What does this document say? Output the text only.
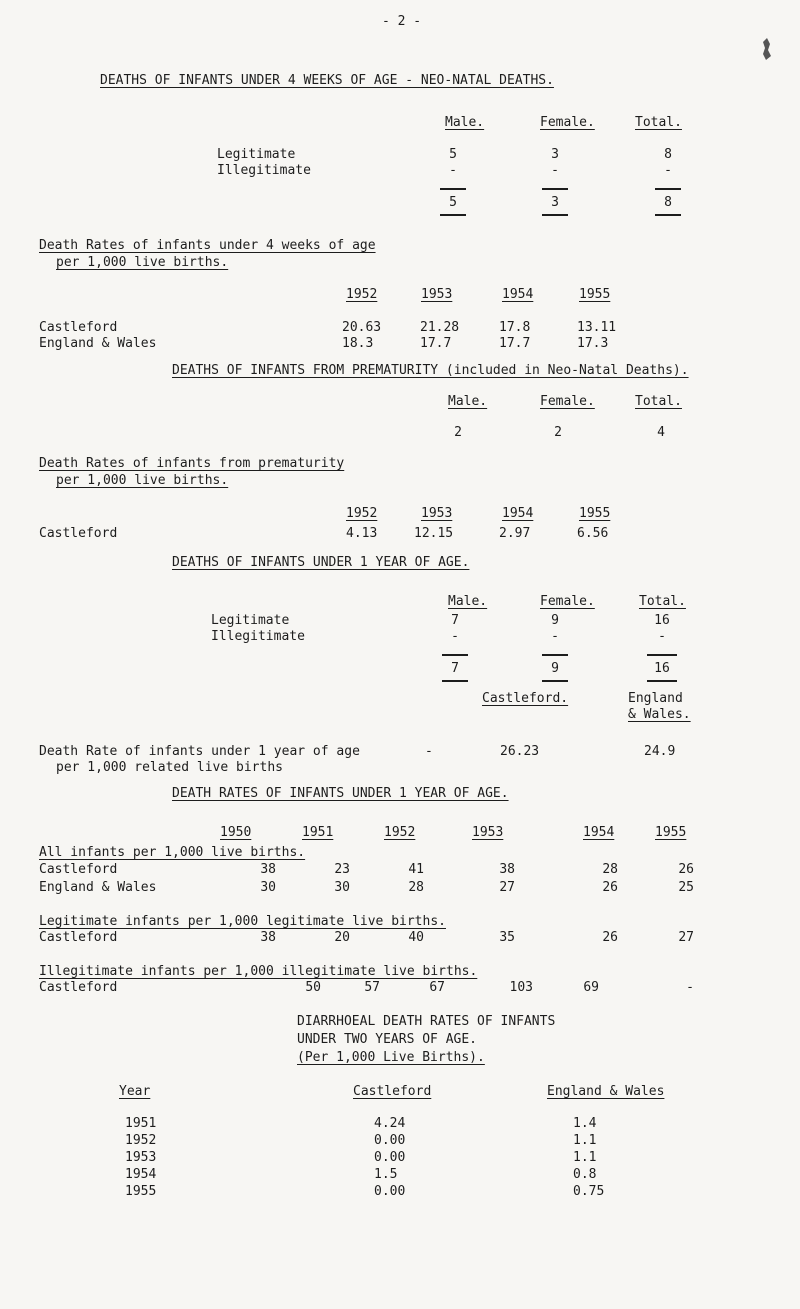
- 2 -
DEATHS OF INFANTS UNDER 4 WEEKS OF AGE - NEO-NATAL DEATHS.
Male.	Female.	Total.
Legitimate	5	3	8
Illegitimate	-	-	-
5	3	8
Death Rates of infants under 4 weeks of age
per 1,000 live births.
1952	1953	1954	1955
Castleford	20.63	21.28	17.8	13.11
England & Wales	18.3	17.7	17.7	17.3
DEATHS OF INFANTS FROM PREMATURITY (included in Neo-Natal Deaths).
Male.	Female.	Total.
2	2	4
Death Rates of infants from prematurity
per 1,000 live births.
1952	1953	1954	1955
Castleford	4.13	12.15	2.97	6.56
DEATHS OF INFANTS UNDER 1 YEAR OF AGE.
Male.	Female.	Total.
Legitimate	7	9	16
Illegitimate	-	-	-
7	9	16
Castleford.	England
& Wales.
Death Rate of infants under 1 year of age
per 1,000 related live births
-	26.23	24.9
DEATH RATES OF INFANTS UNDER 1 YEAR OF AGE.
1950	1951	1952	1953	1954	1955
All infants per 1,000 live births.
Castleford	38	23	41	38	28	26
England & Wales	30	30	28	27	26	25
Legitimate infants per 1,000 legitimate live births.
Castleford	38	20	40	35	26	27
Illegitimate infants per 1,000 illegitimate live births.
Castleford	50	57	67	103	69	-
DIARRHOEAL DEATH RATES OF INFANTS
UNDER TWO YEARS OF AGE.
(Per 1,000 Live Births).
Year	Castleford	England & Wales
1951	4.24	1.4
1952	0.00	1.1
1953	0.00	1.1
1954	1.5	0.8
1955	0.00	0.75
